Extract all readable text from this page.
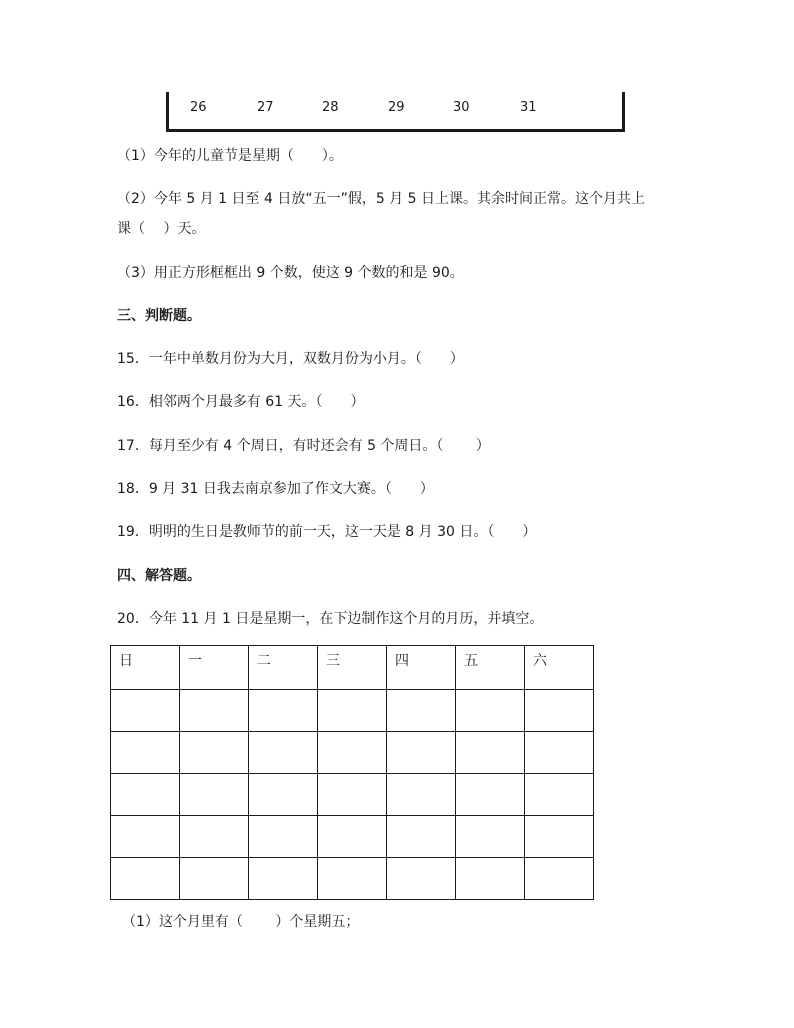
26	27	28	29	30	31
（1）今年的儿童节是星期（　　）。
（2）今年 5 月 1 日至 4 日放“五一”假，5 月 5 日上课。其余时间正常。这个月共上
课（　 ）天。
（3）用正方形框框出 9 个数，使这 9 个数的和是 90。
三、判断题。
15．一年中单数月份为大月，双数月份为小月。（　　）
16．相邻两个月最多有 61 天。（　　）
17．每月至少有 4 个周日，有时还会有 5 个周日。（　　 ）
18．9 月 31 日我去南京参加了作文大赛。（　　）
19．明明的生日是教师节的前一天，这一天是 8 月 30 日。（　　）
四、解答题。
20．今年 11 月 1 日是星期一，在下边制作这个月的月历，并填空。
日	一	二	三	四	五	六

（1）这个月里有（　　 ）个星期五；
